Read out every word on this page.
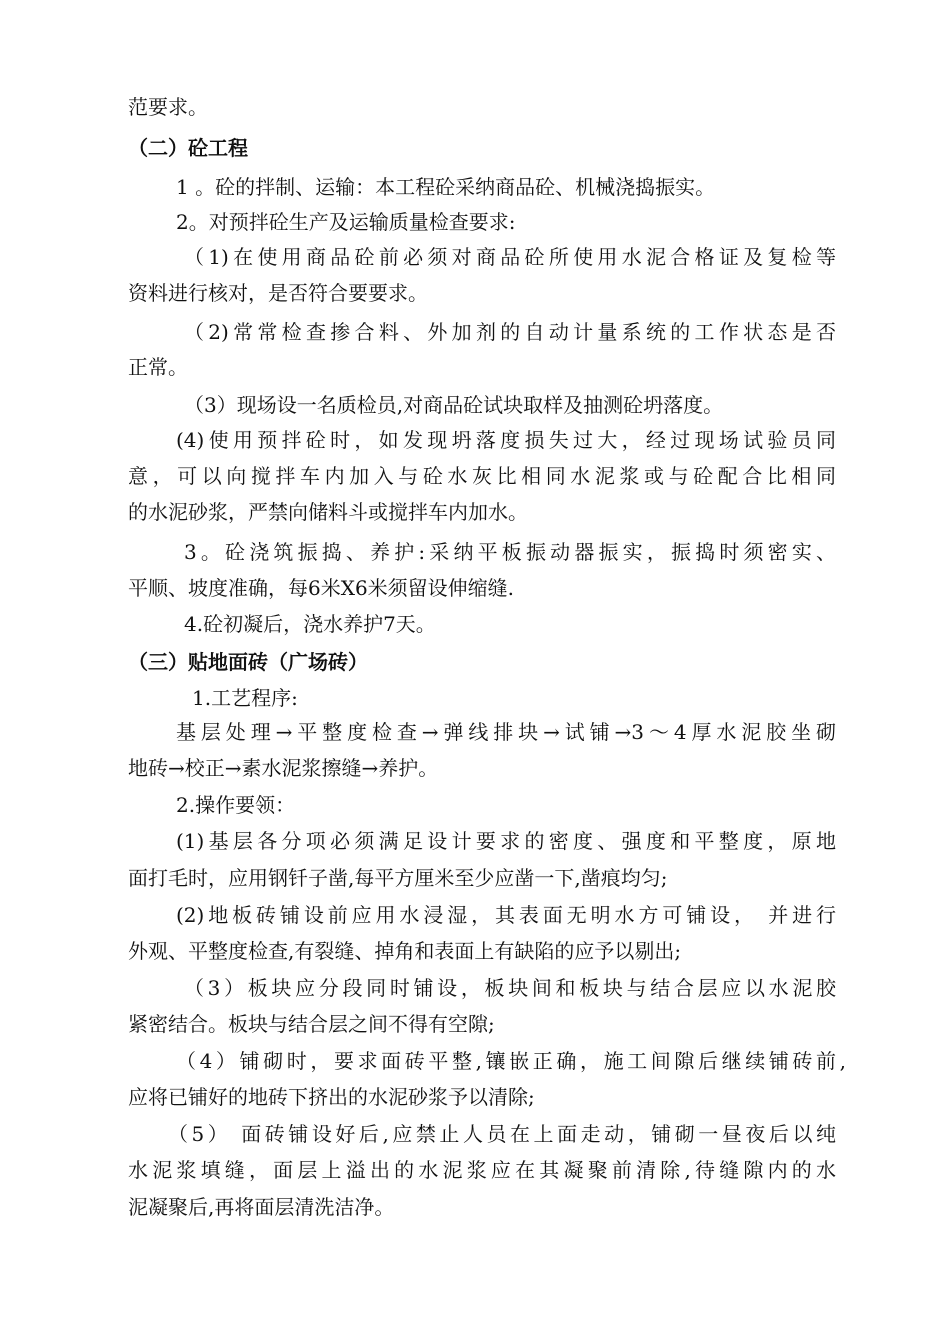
范要求。
（二）砼工程
1 。砼的拌制、运输：本工程砼采纳商品砼、机械浇捣振实。
2。对预拌砼生产及运输质量检查要求:
（1)在使用商品砼前必须对商品砼所使用水泥合格证及复检等
资料进行核对，是否符合要要求。
（2)常常检查掺合料、外加剂的自动计量系统的工作状态是否
正常。
（3）现场设一名质检员,对商品砼试块取样及抽测砼坍落度。
(4)使用预拌砼时，如发现坍落度损失过大，经过现场试验员同
意，可以向搅拌车内加入与砼水灰比相同水泥浆或与砼配合比相同
的水泥砂浆，严禁向储料斗或搅拌车内加水。
3。砼浇筑振捣、养护:采纳平板振动器振实，振捣时须密实、
平顺、坡度准确，每6米X6米须留设伸缩缝.
4.砼初凝后，浇水养护7天。
（三）贴地面砖（广场砖）
1.工艺程序:
基层处理→平整度检查→弹线排块→试铺→3～4厚水泥胶坐砌
地砖→校正→素水泥浆擦缝→养护。
2.操作要领：
(1)基层各分项必须满足设计要求的密度、强度和平整度，原地
面打毛时，应用钢钎子凿,每平方厘米至少应凿一下,凿痕均匀;
(2)地板砖铺设前应用水浸湿，其表面无明水方可铺设， 并进行
外观、平整度检查,有裂缝、掉角和表面上有缺陷的应予以剔出;
（3）板块应分段同时铺设，板块间和板块与结合层应以水泥胶
紧密结合。板块与结合层之间不得有空隙;
（4）铺砌时，要求面砖平整,镶嵌正确，施工间隙后继续铺砖前,
应将已铺好的地砖下挤出的水泥砂浆予以清除;
（5） 面砖铺设好后,应禁止人员在上面走动，铺砌一昼夜后以纯
水泥浆填缝，面层上溢出的水泥浆应在其凝聚前清除,待缝隙内的水
泥凝聚后,再将面层清洗洁净。
